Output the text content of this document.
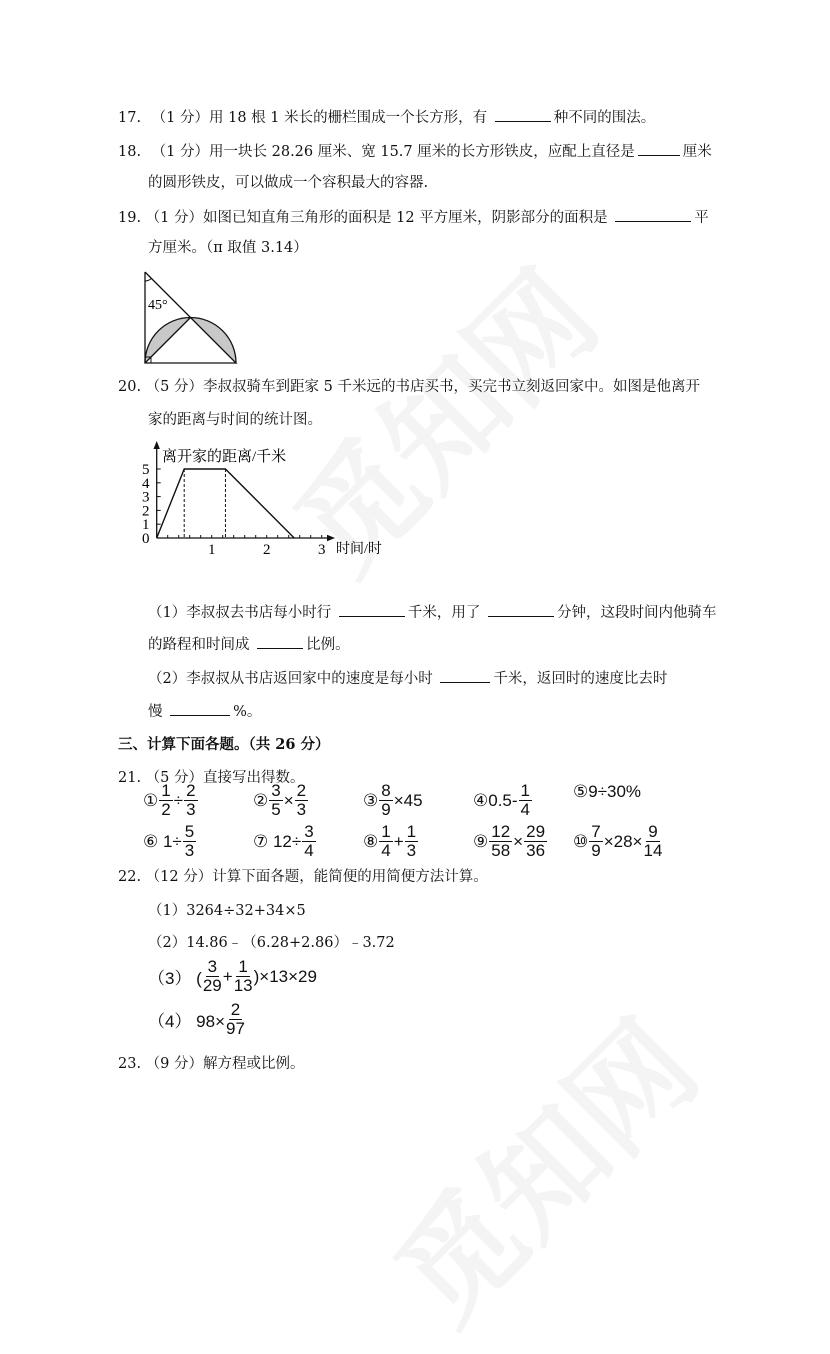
17. （1 分）用 18 根 1 米长的栅栏围成一个长方形，有	种不同的围法。
18. （1 分）用一块长 28.26 厘米、宽 15.7 厘米的长方形铁皮，应配上直径是	厘米
的圆形铁皮，可以做成一个容积最大的容器.
19. （1 分）如图已知直角三角形的面积是 12 平方厘米，阴影部分的面积是	平
方厘米。（π 取值 3.14）
45°
20. （5 分）李叔叔骑车到距家 5 千米远的书店买书，买完书立刻返回家中。如图是他离开
家的距离与时间的统计图。
离开家的距离/千米
时间/时
0
1
2
3
4
5
1	2	3
（1）李叔叔去书店每小时行	千米，用了	分钟，这段时间内他骑车
的路程和时间成	比例。
（2）李叔叔从书店返回家中的速度是每小时	千米，返回时的速度比去时
慢	%。
三、计算下面各题。（共 26 分）
21. （5 分）直接写出得数。
① $\frac{1}{2} \div \frac{2}{3}$	② $\frac{3}{5} \times \frac{2}{3}$	③ $\frac{8}{9} \times 45$	④0.5- $\frac{1}{4}$ ⑤9÷30%
⑥ $1\div \frac{5}{3}$	⑦ $12\div \frac{3}{4}$	⑧ $\frac{1}{4} + \frac{1}{3}$	⑨ $\frac{12}{58} \times \frac{29}{36}$ ⑩ $\frac{7}{9} \times 28\times \frac{9}{14}$
22. （12 分）计算下面各题，能简便的用简便方法计算。
（1）3264÷32+34×5
（2）14.86﹣（6.28+2.86）﹣3.72
（3） ( $\frac{3}{29} + \frac{1}{13} )\times 13\times 29$
（4） $98\times \frac{2}{97}$
23. （9 分）解方程或比例。
